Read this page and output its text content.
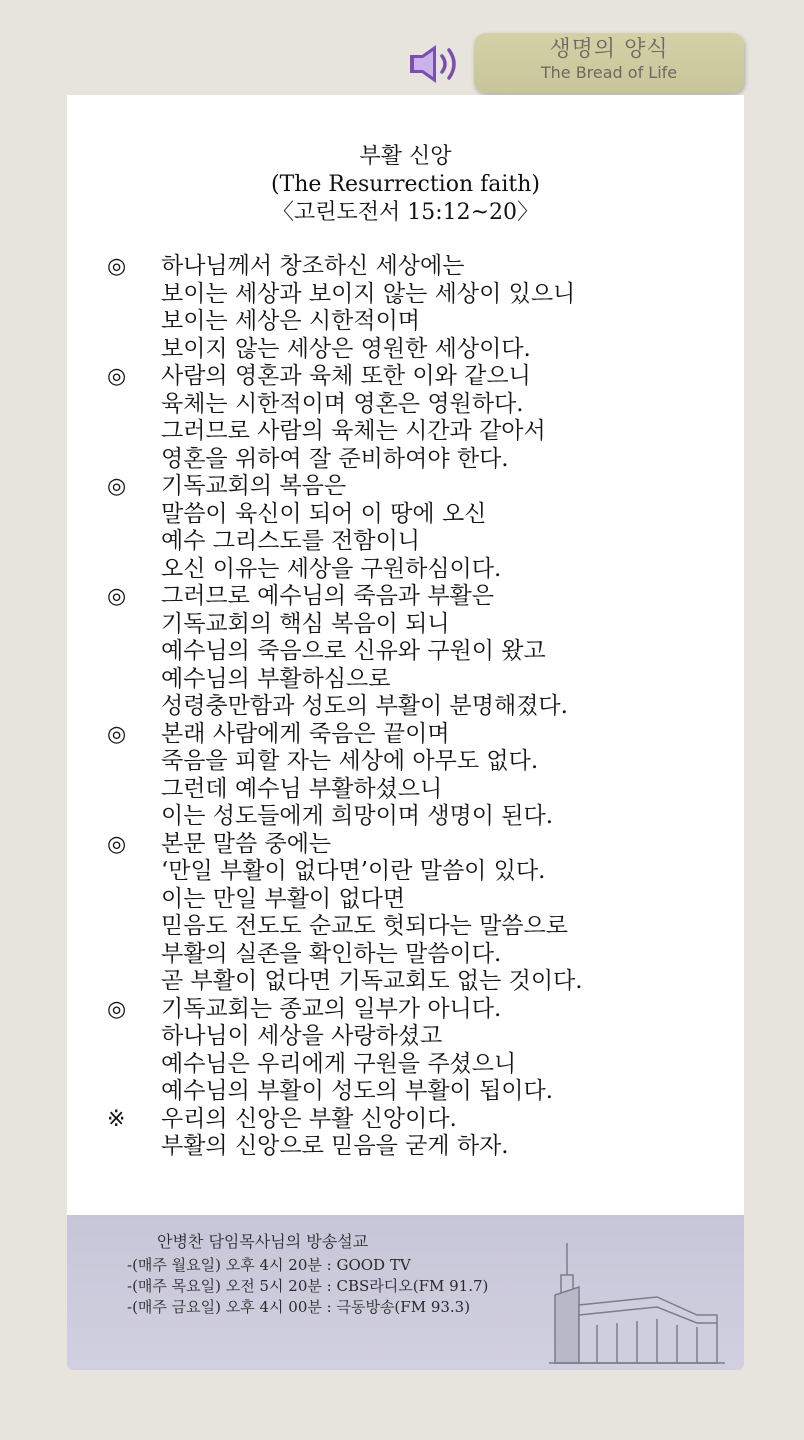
생명의 양식
The Bread of Life
부활 신앙
(The Resurrection faith)
〈고린도전서 15:12~20〉
◎	하나님께서 창조하신 세상에는
보이는 세상과 보이지 않는 세상이 있으니
보이는 세상은 시한적이며
보이지 않는 세상은 영원한 세상이다.
◎	사람의 영혼과 육체 또한 이와 같으니
육체는 시한적이며 영혼은 영원하다.
그러므로 사람의 육체는 시간과 같아서
영혼을 위하여 잘 준비하여야 한다.
◎	기독교회의 복음은
말씀이 육신이 되어 이 땅에 오신
예수 그리스도를 전함이니
오신 이유는 세상을 구원하심이다.
◎	그러므로 예수님의 죽음과 부활은
기독교회의 핵심 복음이 되니
예수님의 죽음으로 신유와 구원이 왔고
예수님의 부활하심으로
성령충만함과 성도의 부활이 분명해졌다.
◎	본래 사람에게 죽음은 끝이며
죽음을 피할 자는 세상에 아무도 없다.
그런데 예수님 부활하셨으니
이는 성도들에게 희망이며 생명이 된다.
◎	본문 말씀 중에는
‘만일 부활이 없다면’이란 말씀이 있다.
이는 만일 부활이 없다면
믿음도 전도도 순교도 헛되다는 말씀으로
부활의 실존을 확인하는 말씀이다.
곧 부활이 없다면 기독교회도 없는 것이다.
◎	기독교회는 종교의 일부가 아니다.
하나님이 세상을 사랑하셨고
예수님은 우리에게 구원을 주셨으니
예수님의 부활이 성도의 부활이 됩이다.
※	우리의 신앙은 부활 신앙이다.
부활의 신앙으로 믿음을 굳게 하자.
안병찬 담임목사님의 방송설교
-(매주 월요일) 오후 4시 20분 : GOOD TV
-(매주 목요일) 오전 5시 20분 : CBS라디오(FM 91.7)
-(매주 금요일) 오후 4시 00분 : 극동방송(FM 93.3)
